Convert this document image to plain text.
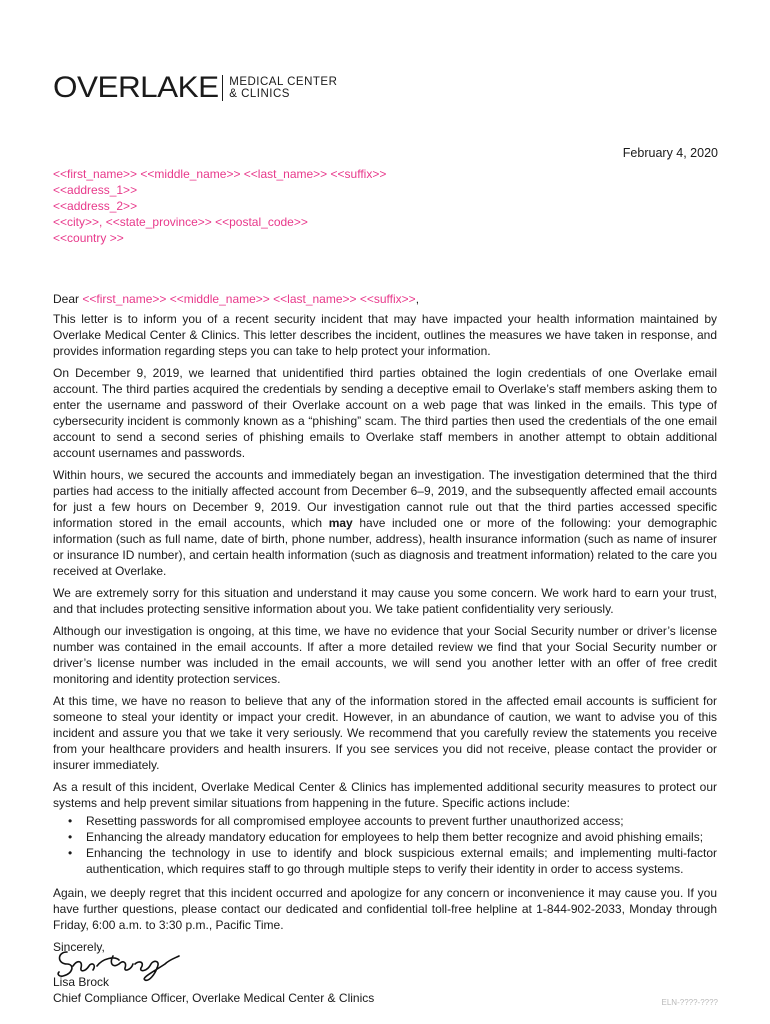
OVERLAKE MEDICAL CENTER
& CLINICS
February 4, 2020
<<first_name>> <<middle_name>> <<last_name>> <<suffix>>
<<address_1>>
<<address_2>>
<<city>>, <<state_province>> <<postal_code>>
<<country >>

Dear <<first_name>> <<middle_name>> <<last_name>> <<suffix>>,

This letter is to inform you of a recent security incident that may have impacted your health information maintained by Overlake Medical Center & Clinics. This letter describes the incident, outlines the measures we have taken in response, and provides information regarding steps you can take to help protect your information.

On December 9, 2019, we learned that unidentified third parties obtained the login credentials of one Overlake email account. The third parties acquired the credentials by sending a deceptive email to Overlake’s staff members asking them to enter the username and password of their Overlake account on a web page that was linked in the emails. This type of cybersecurity incident is commonly known as a “phishing” scam. The third parties then used the credentials of the one email account to send a second series of phishing emails to Overlake staff members in another attempt to obtain additional account usernames and passwords.

Within hours, we secured the accounts and immediately began an investigation. The investigation determined that the third parties had access to the initially affected account from December 6–9, 2019, and the subsequently affected email accounts for just a few hours on December 9, 2019. Our investigation cannot rule out that the third parties accessed specific information stored in the email accounts, which may have included one or more of the following: your demographic information (such as full name, date of birth, phone number, address), health insurance information (such as name of insurer or insurance ID number), and certain health information (such as diagnosis and treatment information) related to the care you received at Overlake.

We are extremely sorry for this situation and understand it may cause you some concern. We work hard to earn your trust, and that includes protecting sensitive information about you. We take patient confidentiality very seriously.

Although our investigation is ongoing, at this time, we have no evidence that your Social Security number or driver’s license number was contained in the email accounts. If after a more detailed review we find that your Social Security number or driver’s license number was included in the email accounts, we will send you another letter with an offer of free credit monitoring and identity protection services.

At this time, we have no reason to believe that any of the information stored in the affected email accounts is sufficient for someone to steal your identity or impact your credit. However, in an abundance of caution, we want to advise you of this incident and assure you that we take it very seriously. We recommend that you carefully review the statements you receive from your healthcare providers and health insurers. If you see services you did not receive, please contact the provider or insurer immediately.

As a result of this incident, Overlake Medical Center & Clinics has implemented additional security measures to protect our systems and help prevent similar situations from happening in the future. Specific actions include:

• Resetting passwords for all compromised employee accounts to prevent further unauthorized access;
• Enhancing the already mandatory education for employees to help them better recognize and avoid phishing emails;
• Enhancing the technology in use to identify and block suspicious external emails; and implementing multi-factor authentication, which requires staff to go through multiple steps to verify their identity in order to access systems.

Again, we deeply regret that this incident occurred and apologize for any concern or inconvenience it may cause you. If you have further questions, please contact our dedicated and confidential toll-free helpline at 1-844-902-2033, Monday through Friday, 6:00 a.m. to 3:30 p.m., Pacific Time.

Sincerely,

Lisa Brock
Chief Compliance Officer, Overlake Medical Center & Clinics	ELN-????-????
